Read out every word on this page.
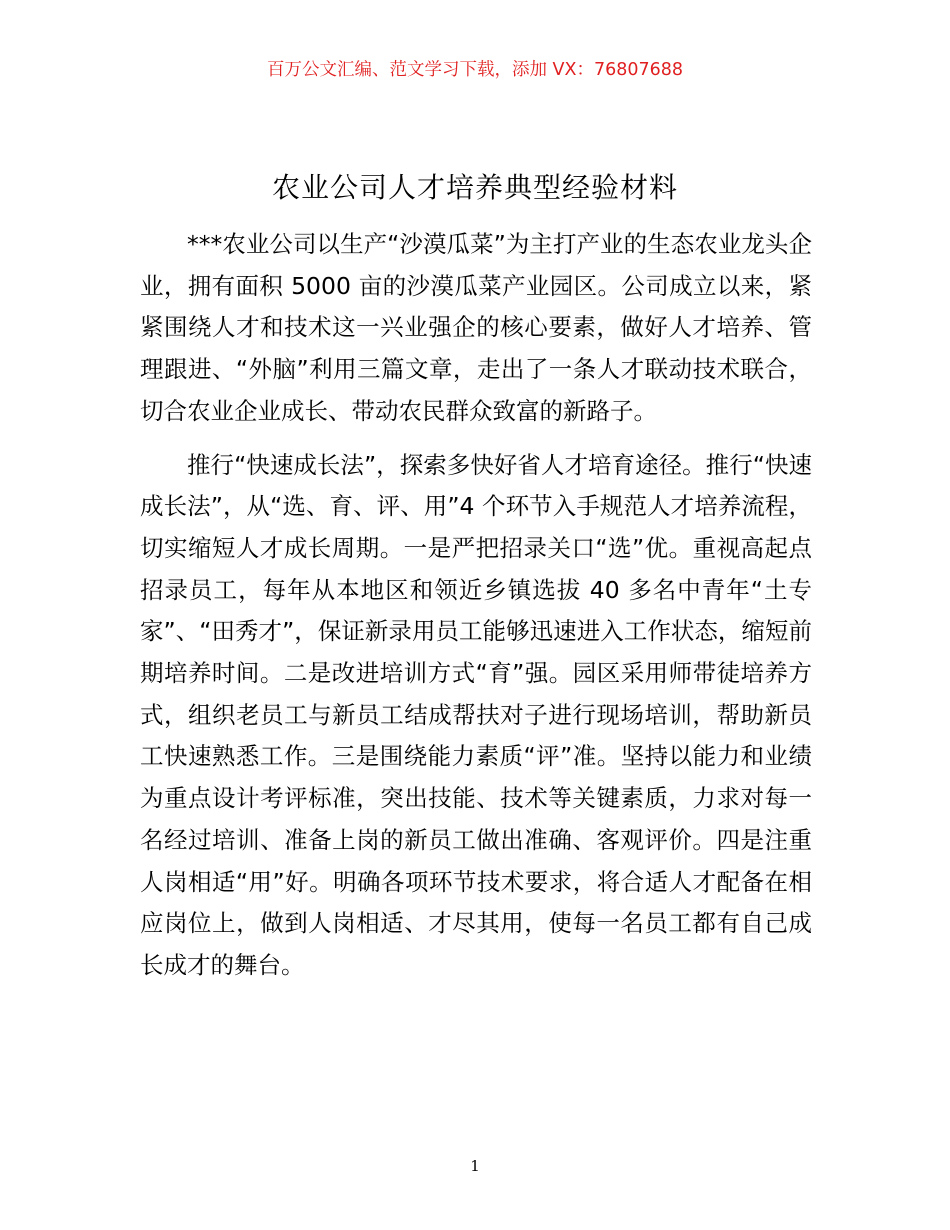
百万公文汇编、范文学习下载，添加 VX：76807688
农业公司人才培养典型经验材料

***农业公司以生产“沙漠瓜菜”为主打产业的生态农业龙头企业，拥有面积 5000 亩的沙漠瓜菜产业园区。公司成立以来，紧紧围绕人才和技术这一兴业强企的核心要素，做好人才培养、管理跟进、“外脑”利用三篇文章，走出了一条人才联动技术联合，切合农业企业成长、带动农民群众致富的新路子。

推行“快速成长法”，探索多快好省人才培育途径。推行“快速成长法”，从“选、育、评、用”4 个环节入手规范人才培养流程，切实缩短人才成长周期。一是严把招录关口“选”优。重视高起点招录员工，每年从本地区和领近乡镇选拔 40 多名中青年“土专家”、“田秀才”，保证新录用员工能够迅速进入工作状态，缩短前期培养时间。二是改进培训方式“育”强。园区采用师带徒培养方式，组织老员工与新员工结成帮扶对子进行现场培训，帮助新员工快速熟悉工作。三是围绕能力素质“评”准。坚持以能力和业绩为重点设计考评标准，突出技能、技术等关键素质，力求对每一名经过培训、准备上岗的新员工做出准确、客观评价。四是注重人岗相适“用”好。明确各项环节技术要求，将合适人才配备在相应岗位上，做到人岗相适、才尽其用，使每一名员工都有自己成长成才的舞台。

1
